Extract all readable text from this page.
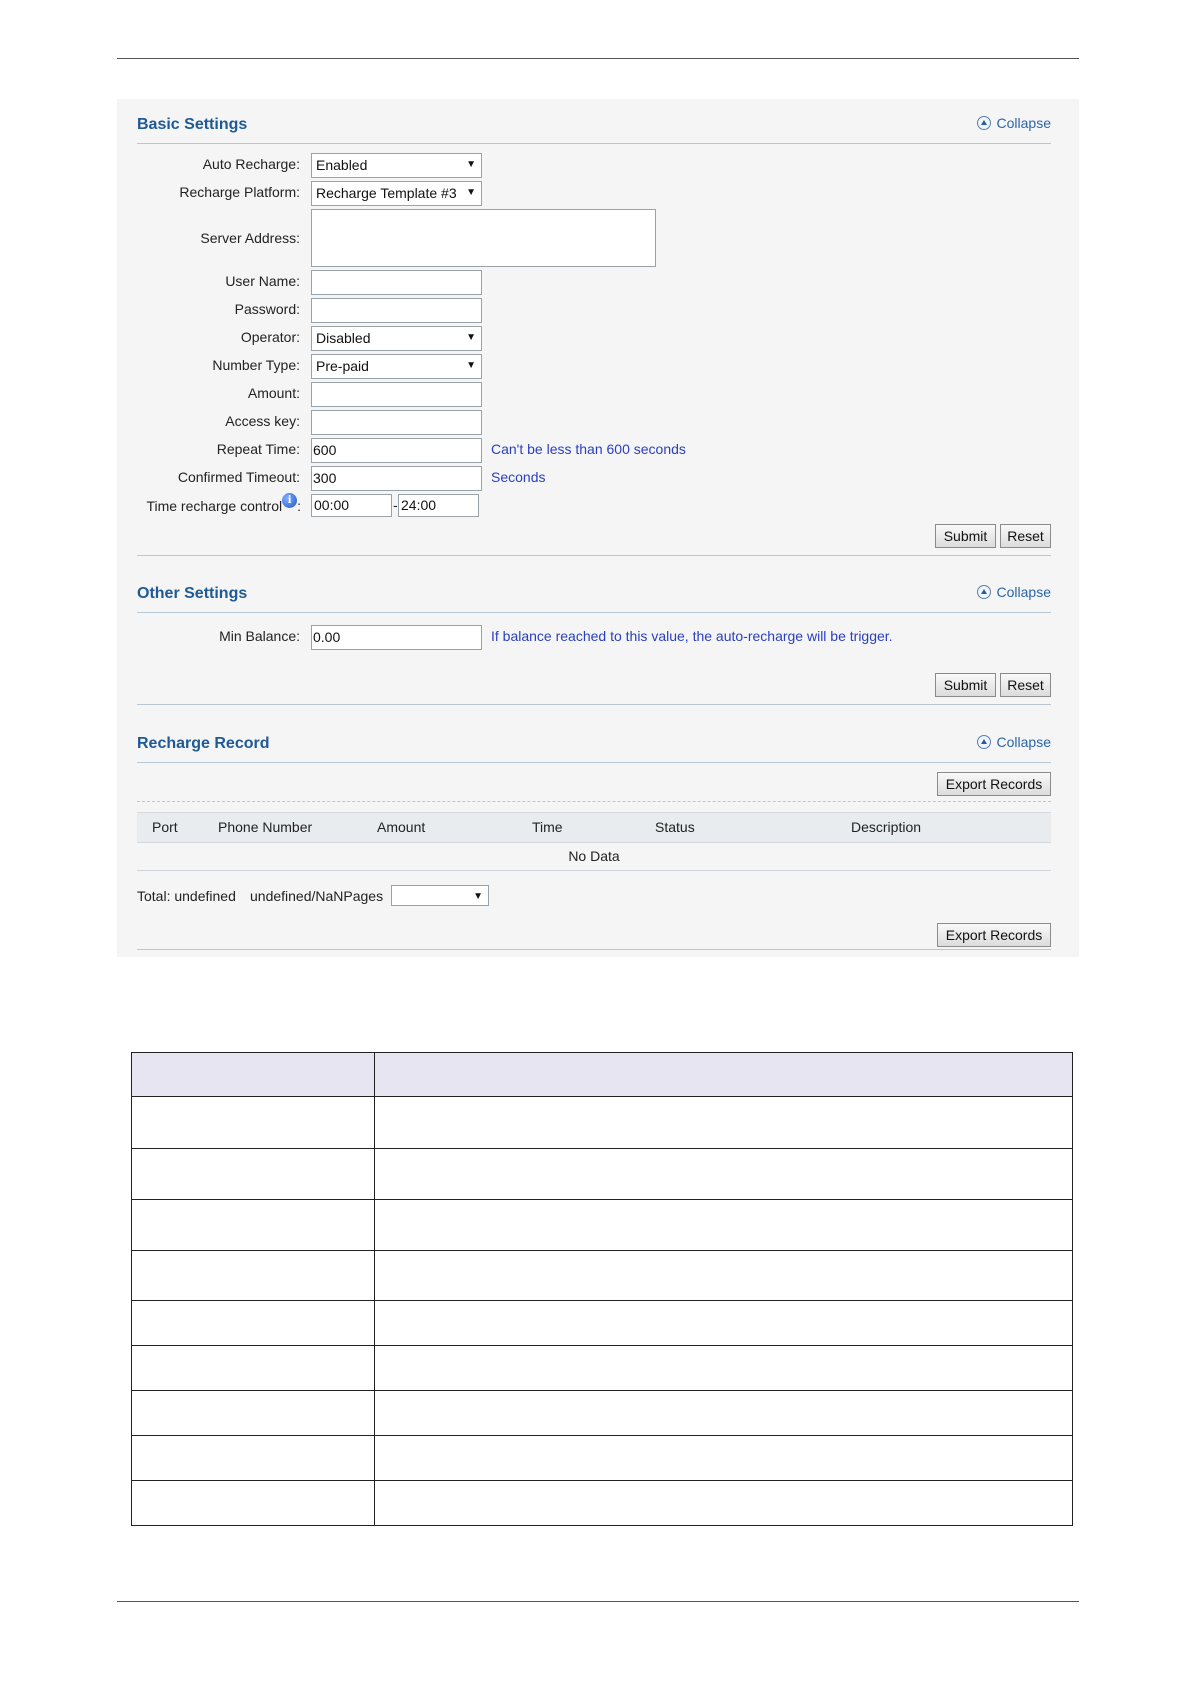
Basic Settings	Collapse
Auto Recharge:	Enabled ▼
Recharge Platform:	Recharge Template #3 ▼
Server Address:
User Name:
Password:
Operator:	Disabled ▼
Number Type:	Pre-paid ▼
Amount:
Access key:
Repeat Time: 600	Can't be less than 600 seconds
Confirmed Timeout: 300	Seconds
Time recharge control i : 00:00	- 24:00
Submit	Reset
Other Settings	Collapse
Min Balance: 0.00	If balance reached to this value, the auto-recharge will be trigger.
Submit	Reset
Recharge Record	Collapse
Export Records
Port	Phone Number	Amount	Time	Status	Description
No Data
Total: undefined undefined/NaNPages
▼
Export Records
